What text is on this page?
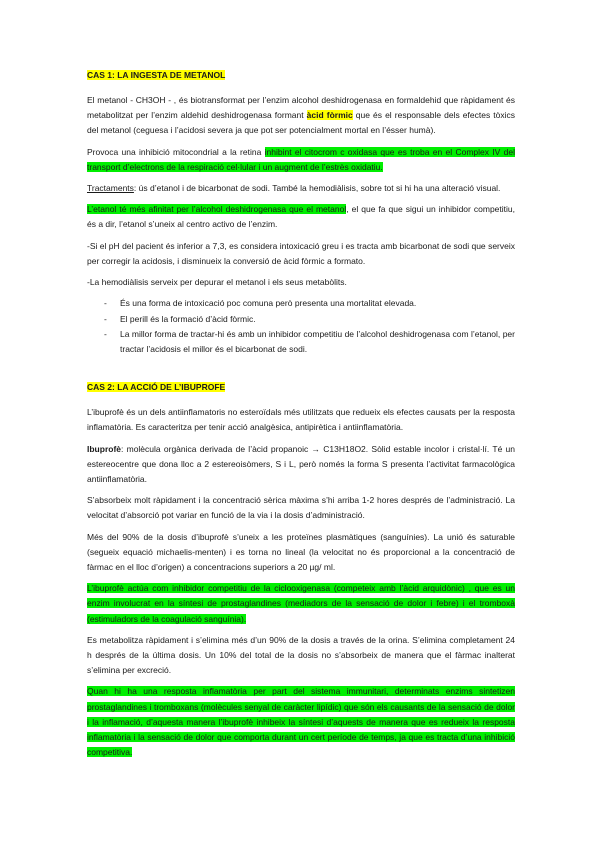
CAS 1: LA INGESTA DE METANOL

El metanol - CH3OH - , és biotransformat per l’enzim alcohol deshidrogenasa en formaldehid que ràpidament és metabolitzat per l’enzim aldehid deshidrogenasa formant àcid fòrmic que és el responsable dels efectes tòxics del metanol (ceguesa i l’acidosi severa ja que pot ser potencialment mortal en l’ésser humà).

Provoca una inhibició mitocondrial a la retina inhibint el citocrom c oxidasa que es troba en el Complex IV del transport d’electrons de la respiració cel·lular i un augment de l’estrès oxidatiu.

Tractaments: ús d’etanol i de bicarbonat de sodi. També la hemodiàlisis, sobre tot si hi ha una alteració visual.

L’etanol té més afinitat per l’alcohol deshidrogenasa que el metanol, el que fa que sigui un inhibidor competitiu, és a dir, l’etanol s’uneix al centro activo de l’enzim.

-Si el pH del pacient és inferior a 7,3, es considera intoxicació greu i es tracta amb bicarbonat de sodi que serveix per corregir la acidosis, i disminueix la conversió de àcid fòrmic a formato.

-La hemodiàlisis serveix per depurar el metanol i els seus metabòlits.

- És una forma de intoxicació poc comuna però presenta una mortalitat elevada.
- El perill és la formació d’àcid fòrmic.
- La millor forma de tractar-hi és amb un inhibidor competitiu de l’alcohol deshidrogenasa com l’etanol, per tractar l’acidosis el millor és el bicarbonat de sodi.
CAS 2: LA ACCIÓ DE L’IBUPROFE

L’ibuprofè és un dels antiinflamatoris no esteroïdals més utilitzats que redueix els efectes causats per la resposta inflamatòria. Es caracteritza per tenir acció analgèsica, antipirètica i antiinflamatòria.

Ibuprofè: molècula orgànica derivada de l’àcid propanoic → C13H18O2. Sòlid estable incolor i cristal·lí. Té un estereocentre que dona lloc a 2 estereoisòmers, S i L, però només la forma S presenta l’activitat farmacològica antiinflamatòria.

S’absorbeix molt ràpidament i la concentració sèrica màxima s’hi arriba 1-2 hores després de l’administració. La velocitat d’absorció pot variar en funció de la via i la dosis d’administració.

Més del 90% de la dosis d’ibuprofè s’uneix a les proteïnes plasmàtiques (sanguínies). La unió és saturable (segueix equació michaelis-menten) i es torna no lineal (la velocitat no és proporcional a la concentració de fàrmac en el lloc d’origen) a concentracions superiors a 20 µg/ ml.

L’ibuprofè actúa com inhibidor competitiu de la ciclooxigenasa (competeix amb l’àcid arquidònic) , que es un enzim involucrat en la síntesi de prostaglandines (mediadors de la sensació de dolor i febre) i el tromboxà (estimuladors de la coagulació sanguínia).

Es metabolitza ràpidament i s’elimina més d’un 90% de la dosis a través de la orina. S’elimina completament 24 h després de la última dosis. Un 10% del total de la dosis no s’absorbeix de manera que el fàrmac inalterat s’elimina per excreció.

Quan hi ha una resposta inflamatòria per part del sistema immunitari, determinats enzims sintetizen prostaglandines i tromboxans (molècules senyal de caràcter lipídic) que són els causants de la sensació de dolor i la inflamació, d’aquesta manera l’ibuprofè inhibeix la síntesi d’aquests de manera que es redueix la resposta inflamatòria i la sensació de dolor que comporta durant un cert període de temps, ja que es tracta d’una inhibició competitiva.
